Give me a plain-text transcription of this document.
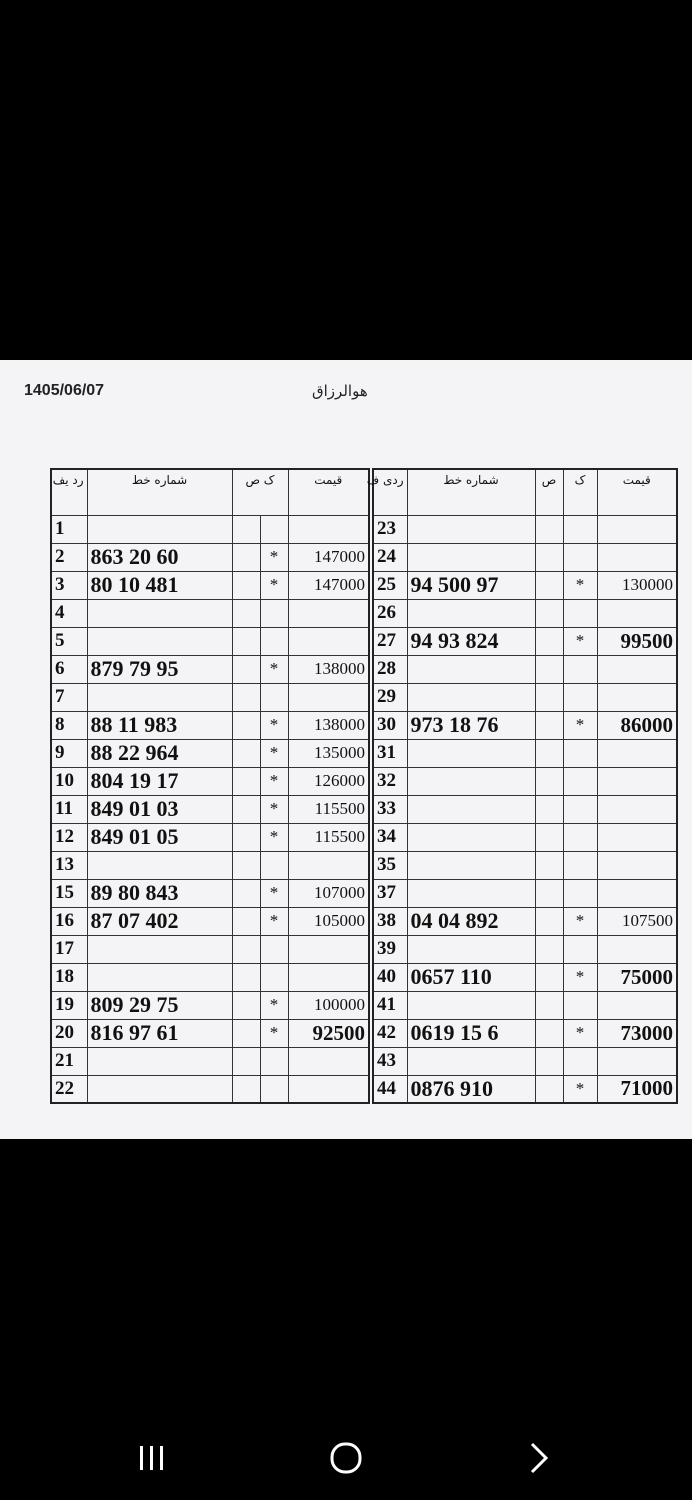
1405/06/07	هوالرزاق
رد یف	شماره خط	ک ص		قیمت
1				
2	863 20 60		*	147000
3	80 10 481		*	147000
4				
5				
6	879 79 95		*	138000
7				
8	88 11 983		*	138000
9	88 22 964		*	135000
10	804 19 17		*	126000
11	849 01 03		*	115500
12	849 01 05		*	115500
13				
15	89 80 843		*	107000
16	87 07 402		*	105000
17				
18				
19	809 29 75		*	100000
20	816 97 61		*	92500
21				
22				
ردی ف	شماره خط	ص	ک	قیمت
23				
24				
25	94 500 97		*	130000
26				
27	94 93 824		*	99500
28				
29				
30	973 18 76		*	86000
31				
32				
33				
34				
35				
37				
38	04 04 892		*	107500
39				
40	0657 110		*	75000
41				
42	0619 15 6		*	73000
43				
44	0876 910		*	71000
